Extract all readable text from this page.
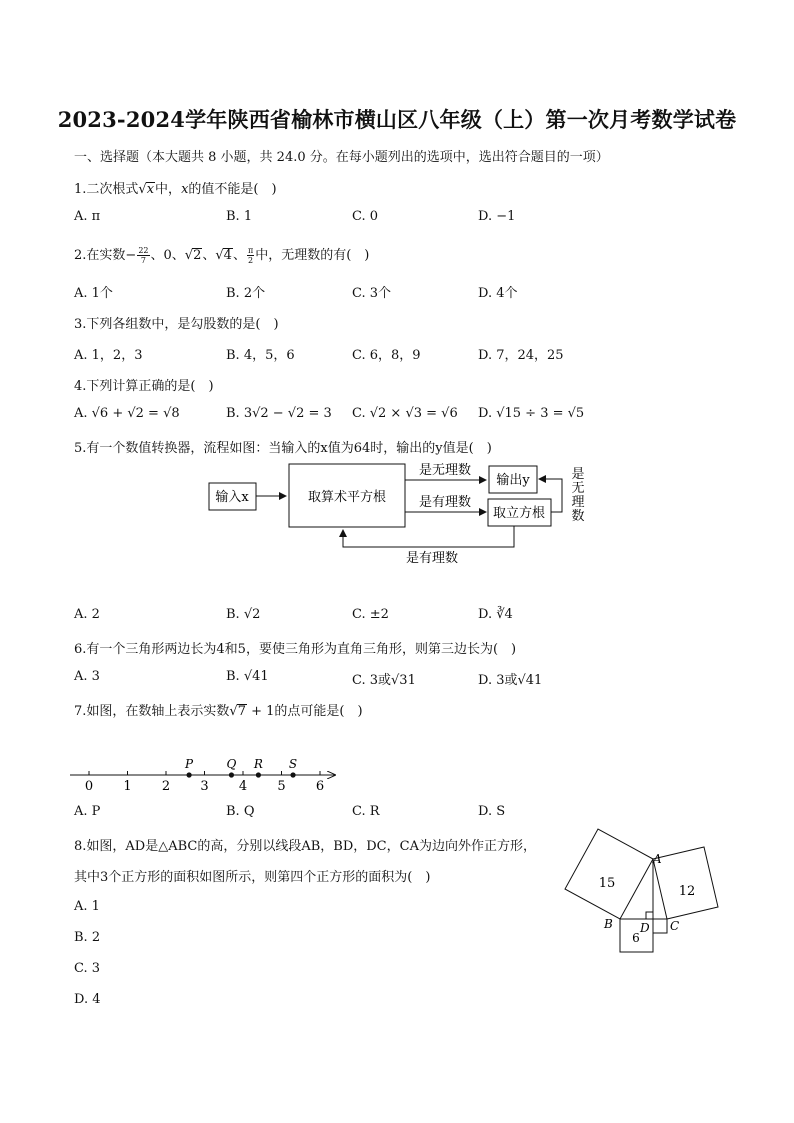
2023-2024学年陕西省榆林市横山区八年级（上）第一次月考数学试卷
一、选择题（本大题共 8 小题，共 24.0 分。在每小题列出的选项中，选出符合题目的一项）
1.二次根式√x中，x的值不能是(　)
A. π	B. 1	C. 0	D. −1
2.在实数− $\frac{22}{7}$ 、0、√2、√4、 $\frac{\pi}{2}$ 中，无理数的有(　)
A. 1个	B. 2个	C. 3个	D. 4个
3.下列各组数中，是勾股数的是(　)
A. 1，2，3	B. 4，5，6	C. 6，8，9	D. 7，24，25
4.下列计算正确的是(　)
A. √6 + √2 = √8	B. 3√2 − √2 = 3 C. √2 × √3 = √6 D. √15 ÷ 3 = √5
5.有一个数值转换器，流程如图：当输入的x值为64时，输出的y值是(　)
输入x	取算术平方根
是无理数
是有理数
输出y
取立方根
是
无
理
数
是有理数
A. 2	B. √2	C. ±2	D. ∛4
6.有一个三角形两边长为4和5，要使三角形为直角三角形，则第三边长为(　)
A. 3	B. √41	C. 3或√31	D. 3或√41
7.如图，在数轴上表示实数√7 + 1的点可能是(　)
0 1 2 3 4 5 6
P	Q R S
A. P	B. Q	C. R	D. S
8.如图，AD是△ABC的高，分别以线段AB，BD，DC，CA为边向外作正方形，
其中3个正方形的面积如图所示，则第四个正方形的面积为(　)
A. 1
B. 2
C. 3
D. 4
15
12
6
A
B	C
D
